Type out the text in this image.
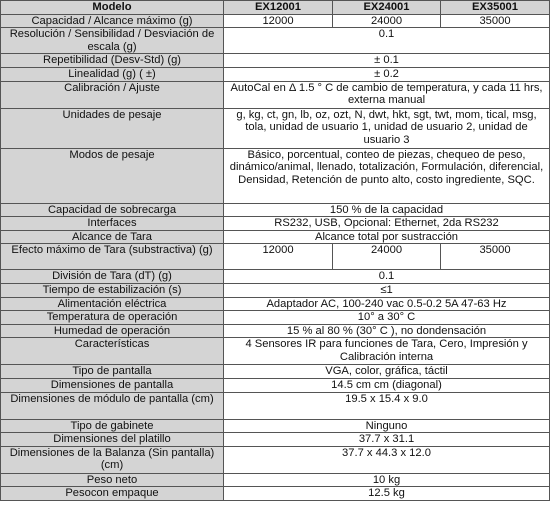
Modelo	EX12001	EX24001	EX35001
Capacidad / Alcance máximo (g)	12000	24000	35000
Resolución / Sensibilidad / Desviación de escala (g)	0.1		
Repetibilidad (Desv-Std) (g)	± 0.1		
Linealidad (g) ( ±)	± 0.2		
Calibración / Ajuste	AutoCal en Δ 1.5 ° C de cambio de temperatura, y cada 11 hrs, externa manual		
Unidades de pesaje	g, kg, ct, gn, lb, oz, ozt, N, dwt, hkt, sgt, twt, mom, tical, msg, tola, unidad de usuario 1, unidad de usuario 2, unidad de usuario 3		
Modos de pesaje	Básico, porcentual, conteo de piezas, chequeo de peso, dinámico/animal, llenado, totalización, Formulación, diferencial, Densidad, Retención de punto alto, costo ingrediente, SQC.		
Capacidad de sobrecarga	150 % de la capacidad		
Interfaces	RS232, USB, Opcional: Ethernet, 2da RS232		
Alcance de Tara	Alcance total por sustracción		
Efecto máximo de Tara (substractiva) (g)	12000	24000	35000
División de Tara (dT) (g)	0.1		
Tiempo de estabilización (s)	≤1		
Alimentación eléctrica	Adaptador AC, 100-240 vac 0.5-0.2 5A 47-63 Hz		
Temperatura de operación	10° a 30° C		
Humedad de operación	15 % al 80 % (30° C ), no dondensación		
Características	4 Sensores IR para funciones de Tara, Cero, Impresión y Calibración interna		
Tipo de pantalla	VGA, color, gráfica, táctil		
Dimensiones de pantalla	14.5 cm cm (diagonal)		
Dimensiones de módulo de pantalla (cm)	19.5 x 15.4 x 9.0		
Tipo de gabinete	Ninguno		
Dimensiones del platillo	37.7 x 31.1		
Dimensiones de la Balanza (Sin pantalla) (cm)	37.7 x 44.3 x 12.0		
Peso neto	10 kg		
Pesocon empaque	12.5 kg		
